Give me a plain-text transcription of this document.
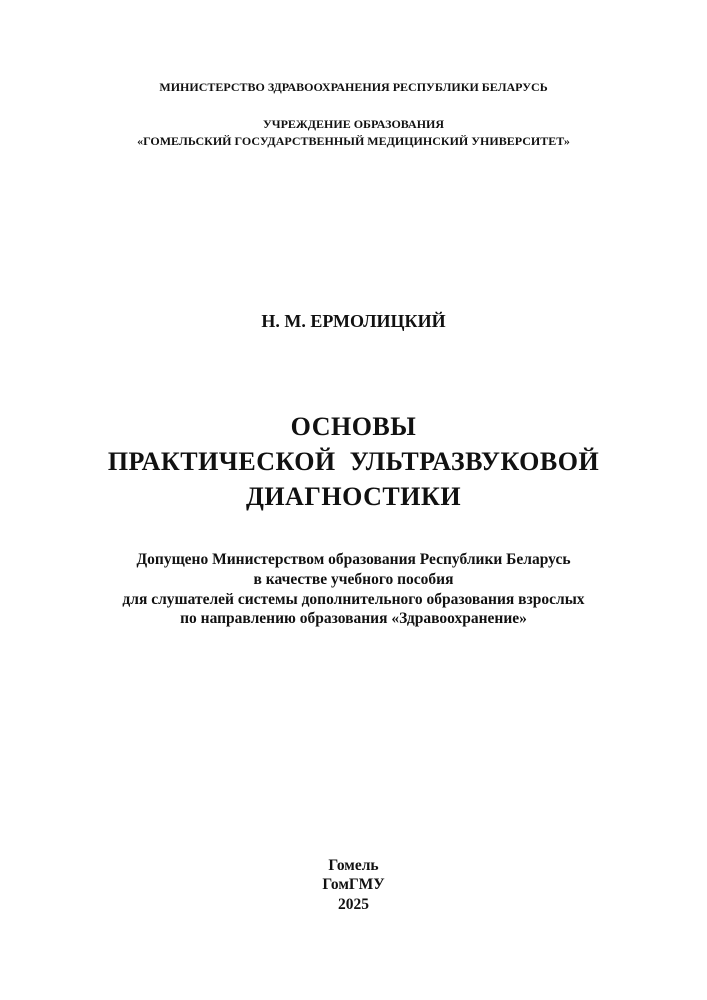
МИНИСТЕРСТВО ЗДРАВООХРАНЕНИЯ РЕСПУБЛИКИ БЕЛАРУСЬ
УЧРЕЖДЕНИЕ ОБРАЗОВАНИЯ
«ГОМЕЛЬСКИЙ ГОСУДАРСТВЕННЫЙ МЕДИЦИНСКИЙ УНИВЕРСИТЕТ»
Н. М. ЕРМОЛИЦКИЙ
ОСНОВЫ
ПРАКТИЧЕСКОЙ  УЛЬТРАЗВУКОВОЙ
ДИАГНОСТИКИ
Допущено Министерством образования Республики Беларусь
в качестве учебного пособия
для слушателей системы дополнительного образования взрослых
по направлению образования «Здравоохранение»
Гомель
ГомГМУ
2025
